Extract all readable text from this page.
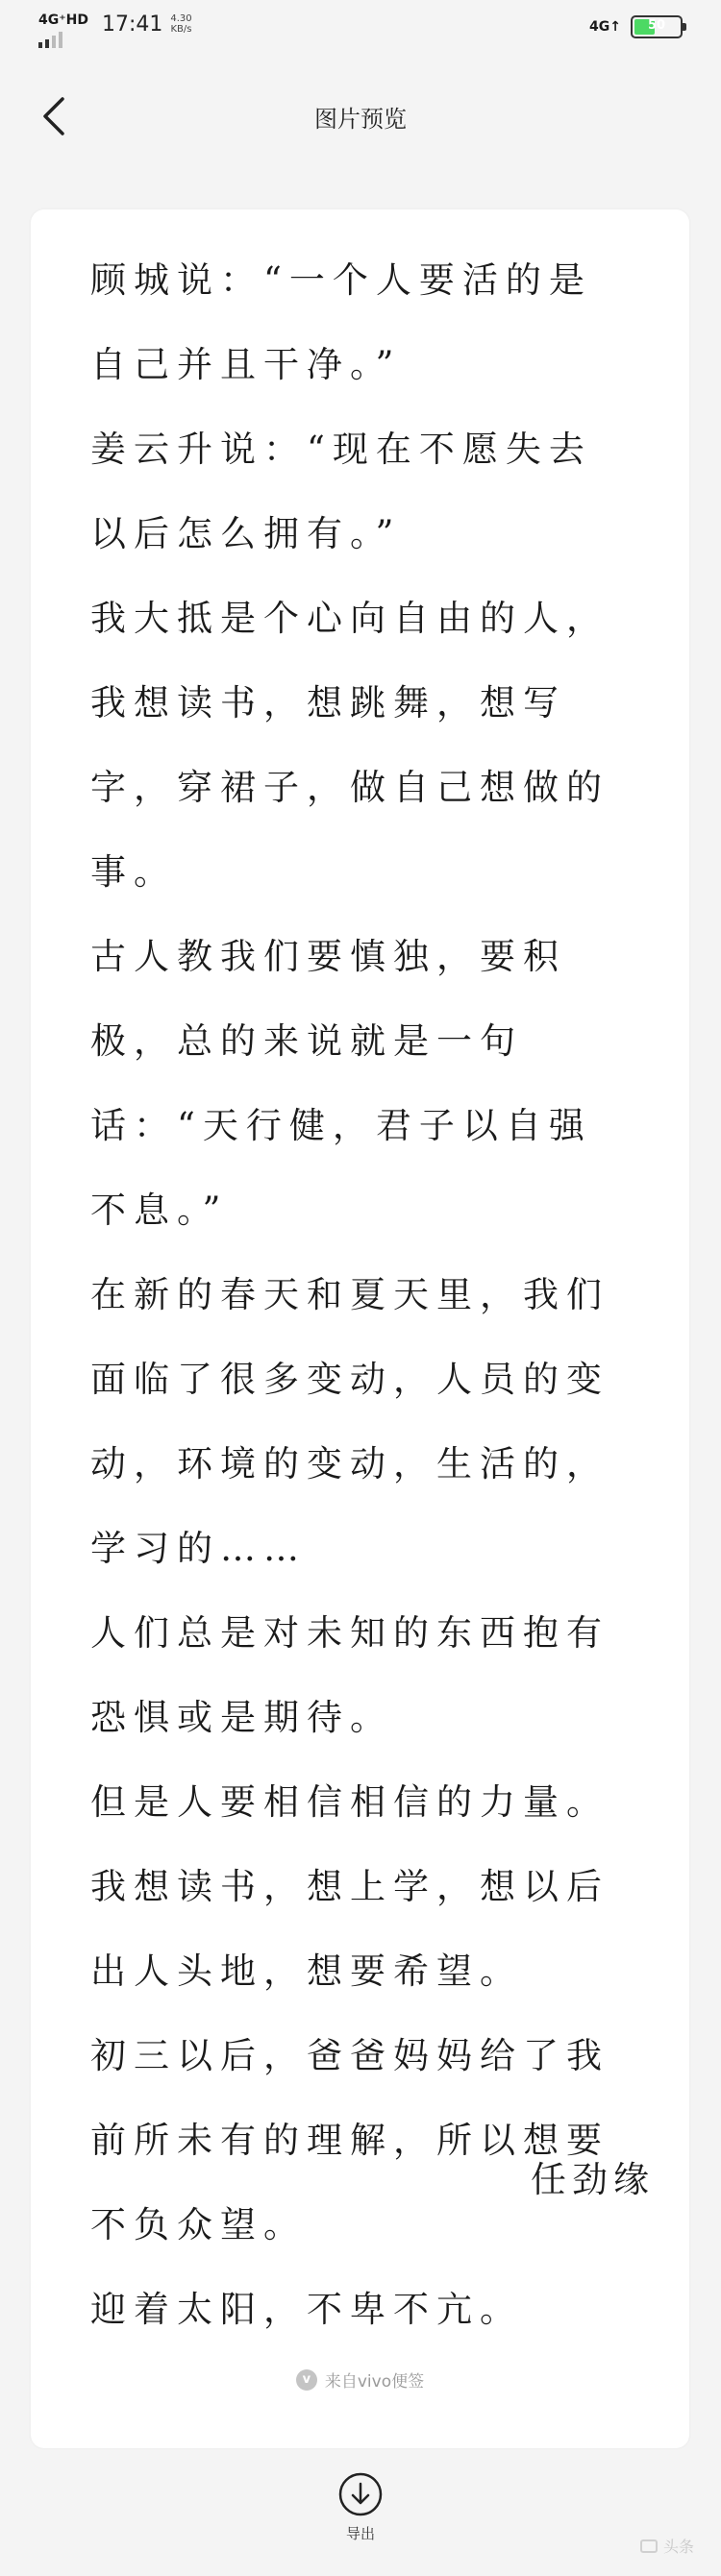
4G⁺HD 17:41 4.30
KB/s	4G↑	50
图片预览
顾城说：“一个人要活的是
自己并且干净。”
姜云升说：“现在不愿失去
以后怎么拥有。”
我大抵是个心向自由的人，
我想读书，想跳舞，想写
字，穿裙子，做自己想做的
事。
古人教我们要慎独，要积
极，总的来说就是一句
话：“天行健，君子以自强
不息。”
在新的春天和夏天里，我们
面临了很多变动，人员的变
动，环境的变动，生活的，
学习的……
人们总是对未知的东西抱有
恐惧或是期待。
但是人要相信相信的力量。
我想读书，想上学，想以后
出人头地，想要希望。
初三以后，爸爸妈妈给了我
前所未有的理解，所以想要
不负众望。
迎着太阳，不卑不亢。
任劲缘
v 来自vivo便签
导出
头条
